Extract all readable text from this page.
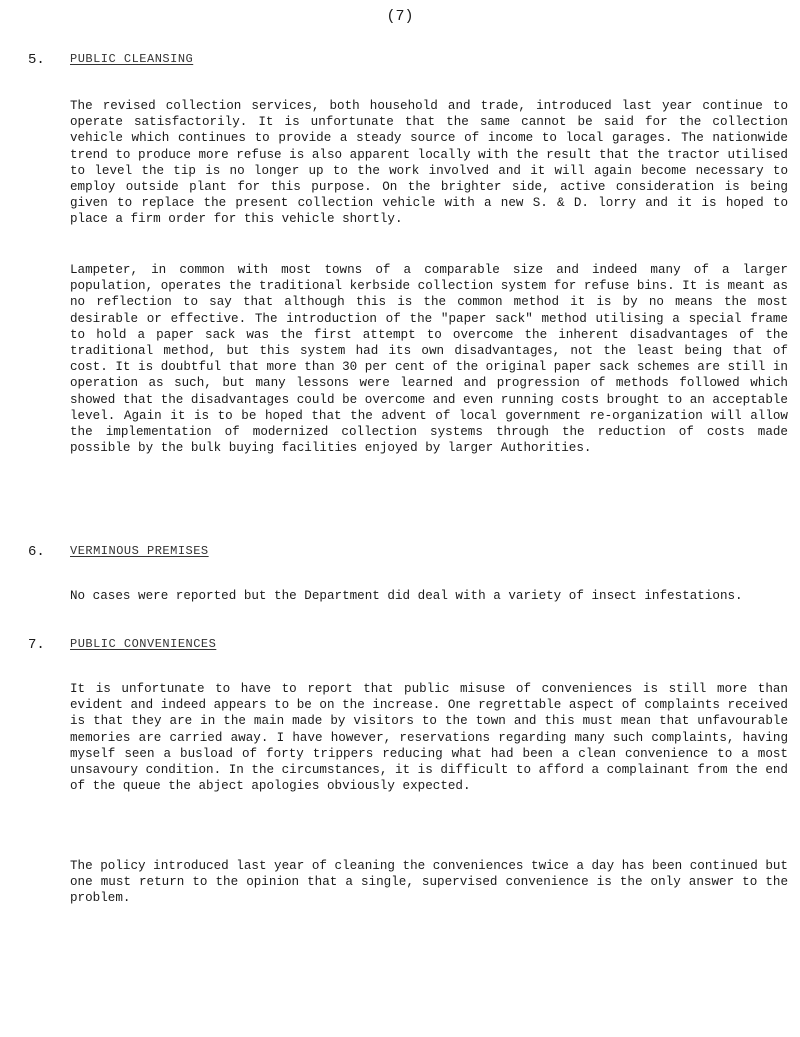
(7)
5. PUBLIC CLEANSING

The revised collection services, both household and trade, introduced last year continue to operate satisfactorily. It is unfortunate that the same cannot be said for the collection vehicle which continues to provide a steady source of income to local garages. The nationwide trend to produce more refuse is also apparent locally with the result that the tractor utilised to level the tip is no longer up to the work involved and it will again become necessary to employ outside plant for this purpose. On the brighter side, active consideration is being given to replace the present collection vehicle with a new S. & D. lorry and it is hoped to place a firm order for this vehicle shortly.

Lampeter, in common with most towns of a comparable size and indeed many of a larger population, operates the traditional kerbside collection system for refuse bins. It is meant as no reflection to say that although this is the common method it is by no means the most desirable or effective. The introduction of the "paper sack" method utilising a special frame to hold a paper sack was the first attempt to overcome the inherent disadvantages of the traditional method, but this system had its own disadvantages, not the least being that of cost. It is doubtful that more than 30 per cent of the original paper sack schemes are still in operation as such, but many lessons were learned and progression of methods followed which showed that the disadvantages could be overcome and even running costs brought to an acceptable level. Again it is to be hoped that the advent of local government re-organization will allow the implementation of modernized collection systems through the reduction of costs made possible by the bulk buying facilities enjoyed by larger Authorities.

6. VERMINOUS PREMISES

No cases were reported but the Department did deal with a variety of insect infestations.

7. PUBLIC CONVENIENCES

It is unfortunate to have to report that public misuse of conveniences is still more than evident and indeed appears to be on the increase. One regrettable aspect of complaints received is that they are in the main made by visitors to the town and this must mean that unfavourable memories are carried away. I have however, reservations regarding many such complaints, having myself seen a busload of forty trippers reducing what had been a clean convenience to a most unsavoury condition. In the circumstances, it is difficult to afford a complainant from the end of the queue the abject apologies obviously expected.

The policy introduced last year of cleaning the conveniences twice a day has been continued but one must return to the opinion that a single, supervised convenience is the only answer to the problem.
